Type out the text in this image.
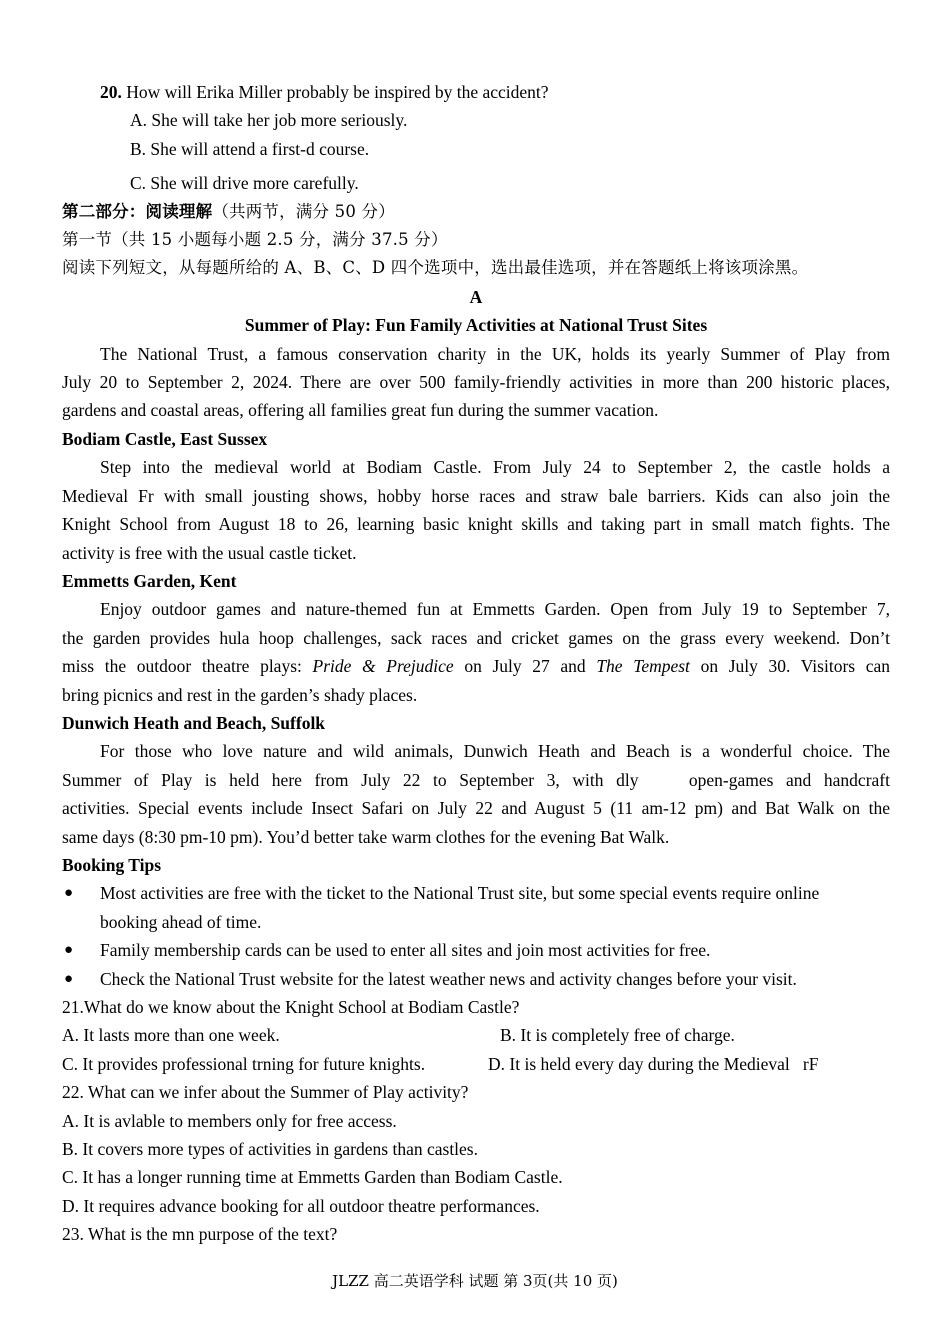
20. How will Erika Miller probably be inspired by the accident?
A. She will take her job more seriously.
B. She will attend a first-d course.
C. She will drive more carefully.
第二部分：阅读理解（共两节，满分 50 分）
第一节（共 15 小题每小题 2.5 分，满分 37.5 分）
阅读下列短文，从每题所给的 A、B、C、D 四个选项中，选出最佳选项，并在答题纸上将该项涂黑。
A
Summer of Play: Fun Family Activities at National Trust Sites
The National Trust, a famous conservation charity in the UK, holds its yearly Summer of Play from
July 20 to September 2, 2024. There are over 500 family-friendly activities in more than 200 historic places,
gardens and coastal areas, offering all families great fun during the summer vacation.
Bodiam Castle, East Sussex
Step into the medieval world at Bodiam Castle. From July 24 to September 2, the castle holds a
Medieval Fr with small jousting shows, hobby horse races and straw bale barriers. Kids can also join the
Knight School from August 18 to 26, learning basic knight skills and taking part in small match fights. The
activity is free with the usual castle ticket.
Emmetts Garden, Kent
Enjoy outdoor games and nature-themed fun at Emmetts Garden. Open from July 19 to September 7,
the garden provides hula hoop challenges, sack races and cricket games on the grass every weekend. Don’t
miss the outdoor theatre plays: Pride & Prejudice on July 27 and The Tempest on July 30. Visitors can
bring picnics and rest in the garden’s shady places.
Dunwich Heath and Beach, Suffolk
For those who love nature and wild animals, Dunwich Heath and Beach is a wonderful choice. The
Summer of Play is held here from July 22 to September 3, with dly    open-games and handcraft
activities. Special events include Insect Safari on July 22 and August 5 (11 am-12 pm) and Bat Walk on the
same days (8:30 pm-10 pm). You’d better take warm clothes for the evening Bat Walk.
Booking Tips
● Most activities are free with the ticket to the National Trust site, but some special events require online
booking ahead of time.
● Family membership cards can be used to enter all sites and join most activities for free.
● Check the National Trust website for the latest weather news and activity changes before your visit.
21.What do we know about the Knight School at Bodiam Castle?
A. It lasts more than one week.	B. It is completely free of charge.
C. It provides professional trning for future knights.	D. It is held every day during the Medieval   rF
22. What can we infer about the Summer of Play activity?
A. It is avlable to members only for free access.
B. It covers more types of activities in gardens than castles.
C. It has a longer running time at Emmetts Garden than Bodiam Castle.
D. It requires advance booking for all outdoor theatre performances.
23. What is the mn purpose of the text?
JLZZ 高二英语学科 试题 第 3页(共 10 页)
